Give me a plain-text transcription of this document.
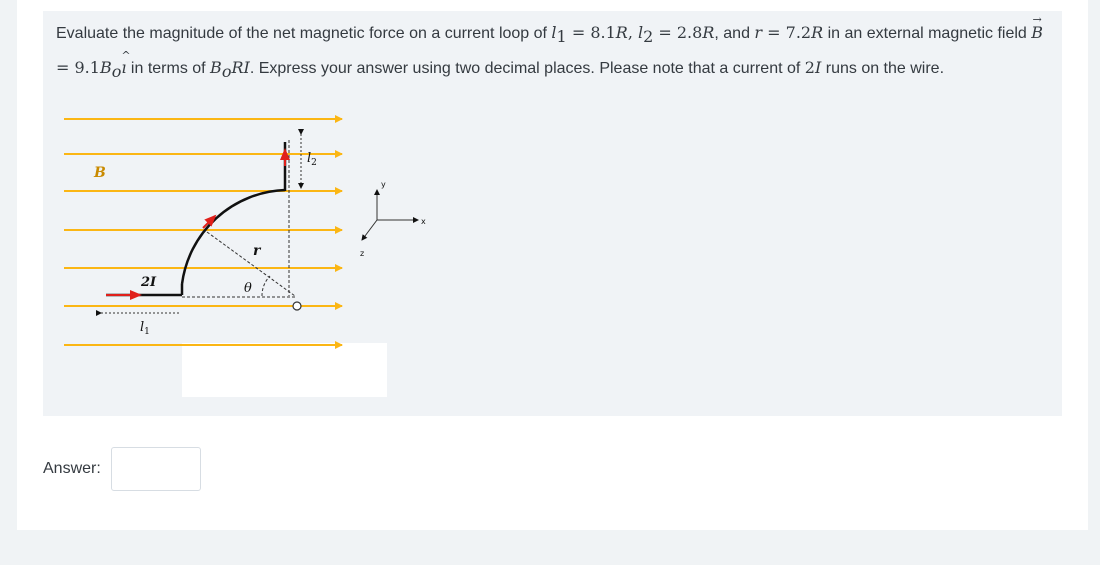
Evaluate the magnitude of the net magnetic force on a current loop of $l_1 = 8.1R$, $l_2 = 2.8R$, and r = 7.2R in an external magnetic field → $B = 9.1B_o\^{}$ ı in terms of $B_oRI$. Express your answer using two decimal places. Please note that a current of 2I runs on the wire.
B
2I
r
θ
$l_1$
$l_2$
y
x
z
Answer:
